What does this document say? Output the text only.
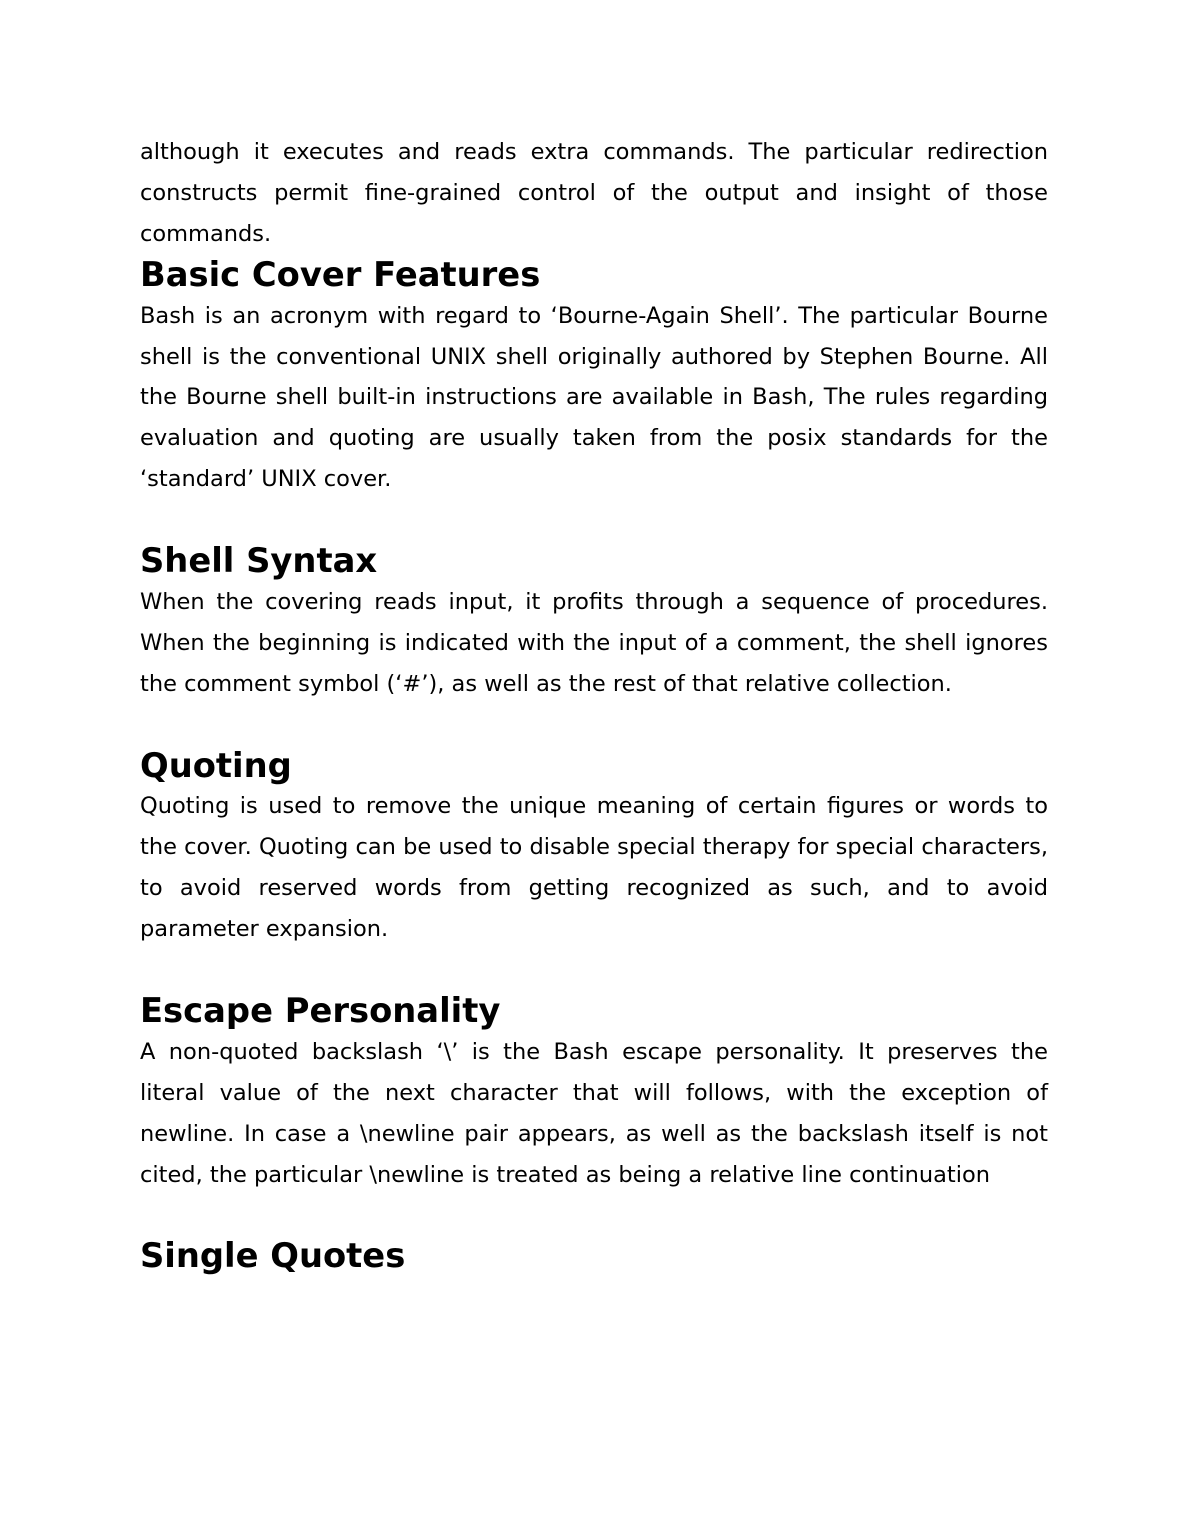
although it executes and reads extra commands. The particular redirection constructs permit fine-grained control of the output and insight of those commands.

Basic Cover Features

Bash is an acronym with regard to ‘Bourne-Again Shell’. The particular Bourne shell is the conventional UNIX shell originally authored by Stephen Bourne. All the Bourne shell built-in instructions are available in Bash, The rules regarding evaluation and quoting are usually taken from the posix standards for the ‘standard’ UNIX cover.

Shell Syntax

When the covering reads input, it profits through a sequence of procedures. When the beginning is indicated with the input of a comment, the shell ignores the comment symbol (‘#’), as well as the rest of that relative collection.

Quoting

Quoting is used to remove the unique meaning of certain figures or words to the cover. Quoting can be used to disable special therapy for special characters, to avoid reserved words from getting recognized as such, and to avoid parameter expansion.

Escape Personality

A non-quoted backslash ‘\’ is the Bash escape personality. It preserves the literal value of the next character that will follows, with the exception of newline. In case a \newline pair appears, as well as the backslash itself is not cited, the particular \newline is treated as being a relative line continuation

Single Quotes
